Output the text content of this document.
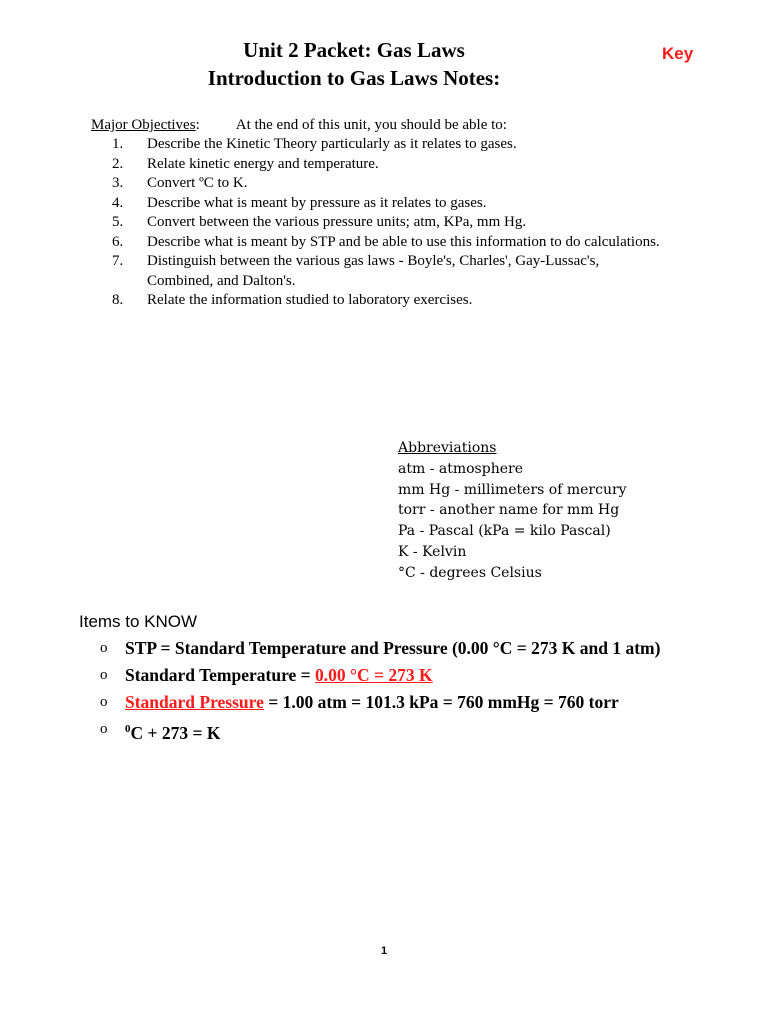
Unit 2 Packet: Gas Laws
Introduction to Gas Laws Notes:
Key
Major Objectives: At the end of this unit, you should be able to:
1. Describe the Kinetic Theory particularly as it relates to gases.
2. Relate kinetic energy and temperature.
3. Convert ºC to K.
4. Describe what is meant by pressure as it relates to gases.
5. Convert between the various pressure units; atm, KPa, mm Hg.
6. Describe what is meant by STP and be able to use this information to do calculations.
7. Distinguish between the various gas laws - Boyle's, Charles', Gay-Lussac's, Combined, and Dalton's.
8. Relate the information studied to laboratory exercises.
Abbreviations
atm - atmosphere
mm Hg - millimeters of mercury
torr - another name for mm Hg
Pa - Pascal (kPa = kilo Pascal)
K - Kelvin
°C - degrees Celsius
Items to KNOW
o STP = Standard Temperature and Pressure (0.00 °C = 273 K and 1 atm)
o Standard Temperature = 0.00 °C = 273 K
o Standard Pressure = 1.00 atm = 101.3 kPa = 760 mmHg = 760 torr
o $^0$C + 273 = K
1
